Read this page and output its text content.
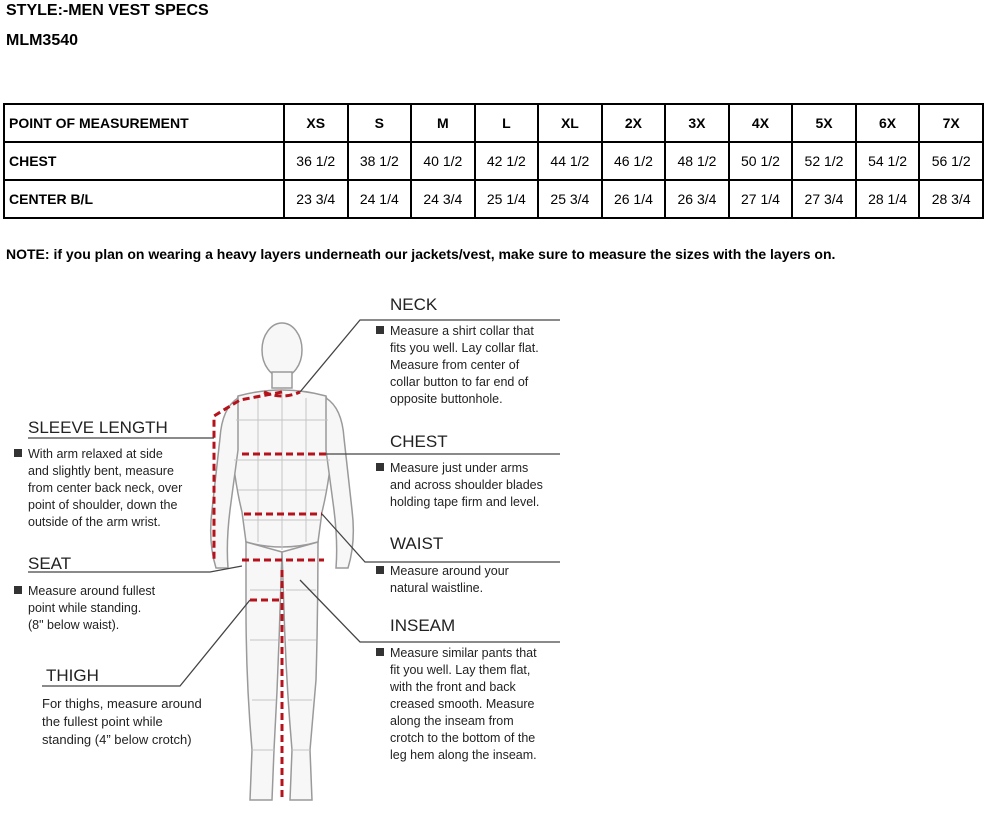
STYLE:-MEN VEST SPECS
MLM3540
POINT OF MEASUREMENT	XS	S	M	L	XL	2X	3X	4X	5X	6X	7X
CHEST	36 1/2	38 1/2	40 1/2	42 1/2	44 1/2	46 1/2	48 1/2	50 1/2	52 1/2	54 1/2	56 1/2
CENTER B/L	23 3/4	24 1/4	24 3/4	25 1/4	25 3/4	26 1/4	26 3/4	27 1/4	27 3/4	28 1/4	28 3/4
NOTE: if you plan on wearing a heavy layers underneath our jackets/vest, make sure to measure the sizes with the layers on.
NECK
Measure a shirt collar that
fits you well. Lay collar flat.
Measure from center of
collar button to far end of
opposite buttonhole.
CHEST
Measure just under arms
and across shoulder blades
holding tape firm and level.
WAIST
Measure around your
natural waistline.
INSEAM
Measure similar pants that
fit you well. Lay them flat,
with the front and back
creased smooth. Measure
along the inseam from
crotch to the bottom of the
leg hem along the inseam.
SLEEVE LENGTH
With arm relaxed at side
and slightly bent, measure
from center back neck, over
point of shoulder, down the
outside of the arm wrist.
SEAT
Measure around fullest
point while standing.
(8" below waist).
THIGH
For thighs, measure around
the fullest point while
standing (4” below crotch)
